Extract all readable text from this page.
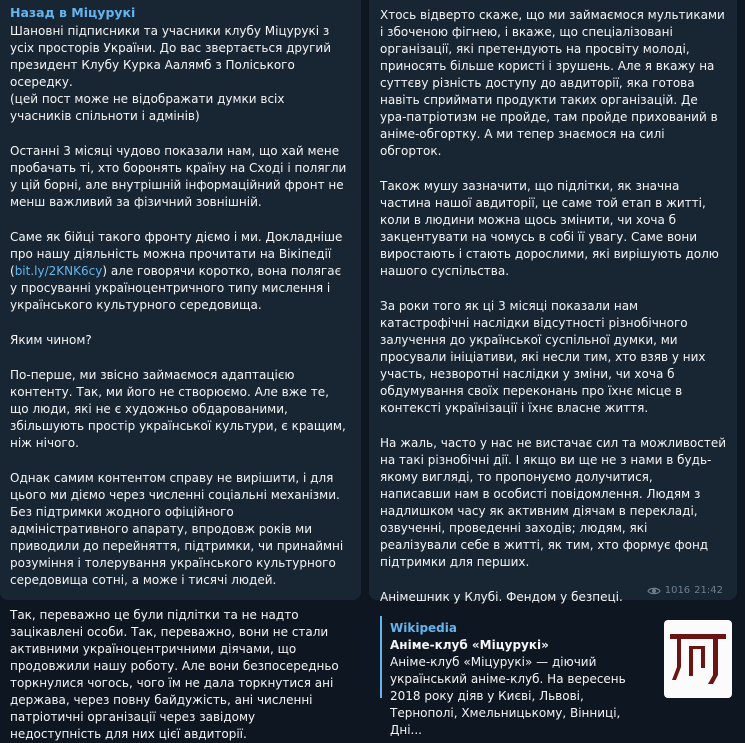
Назад в Міцурукі

Шановні підписники та учасники клубу Міцурукі з усіх просторів України. До вас звертається другий президент Клубу Курка Аалямб з Поліського осередку.
(цей пост може не відображати думки всіх учасників спільноти і адмінів)

Останні 3 місяці чудово показали нам, що хай мене пробачать ті, хто боронять країну на Сході і полягли у цій борні, але внутрішній інформаційний фронт не менш важливий за фізичний зовнішній.

Саме як бійці такого фронту діємо і ми. Докладніше про нашу діяльність можна прочитати на Вікіпедії (bit.ly/2KNK6cy) але говорячи коротко, вона полягає у просуванні україноцентричного типу мислення і українського культурного середовища.

Яким чином?

По-перше, ми звісно займаємося адаптацією контенту. Так, ми його не створюємо. Але вже те, що люди, які не є художньо обдарованими, збільшують простір української культури, є кращим, ніж нічого.

Однак самим контентом справу не вирішити, і для цього ми діємо через численні соціальні механізми. Без підтримки жодного офіційного адміністративного апарату, впродовж років ми приводили до перейняття, підтримки, чи принаймні розуміння і толерування українського культурного середовища сотні, а може і тисячі людей.

Так, переважно це були підлітки та не надто зацікавлені особи. Так, переважно, вони не стали активними україноцентричними діячами, що продовжили нашу роботу. Але вони безпосередньо торкнулися чогось, чого їм не дала торкнутися ані держава, через повну байдужість, ані численні патріотичні організації через завідому недоступність для них цієї авдиторії.

Хтось відверто скаже, що ми займаємося мультиками і збоченою фігнею, і вкаже, що спеціалізовані організації, які претендують на просвіту молоді, приносять більше користі і зрушень. Але я вкажу на суттєву різність доступу до авдиторії, яка готова навіть сприймати продукти таких організацій. Де ура-патріотизм не пройде, там пройде прихований в аніме-обгортку. А ми тепер знаємося на силі обгорток.

Також мушу зазначити, що підлітки, як значна частина нашої авдиторії, це саме той етап в житті, коли в людини можна щось змінити, чи хоча б закцентувати на чомусь в собі її увагу. Саме вони виростають і стають дорослими, які вирішують долю нашого суспільства.

За роки того як ці 3 місяці показали нам катастрофічні наслідки відсутності різнобічного залучення до української суспільної думки, ми просували ініціативи, які несли тим, хто взяв у них участь, незворотні наслідки у зміни, чи хоча б обдумування своїх переконань про їхнє місце в контексті українізації і їхнє власне життя.

На жаль, часто у нас не вистачає сил та можливостей на такі різнобічні дії. І якщо ви ще не з нами в будь-якому вигляді, то пропонуємо долучитися, написавши нам в особисті повідомлення. Людям з надлишком часу як активним діячам в перекладі, озвученні, проведенні заходів; людям, які реалізували себе в житті, як тим, хто формує фонд підтримки для перших.

Анімешник у Клубі. Фендом у безпеці.

Wikipedia
Аніме-клуб «Міцурукі»
Аніме-клуб «Міцурукі» — діючий український аніме-клуб. На вересень 2018 року діяв у Києві, Львові, Тернополі, Хмельницькому, Вінниці, Дні...
1016 21:42
